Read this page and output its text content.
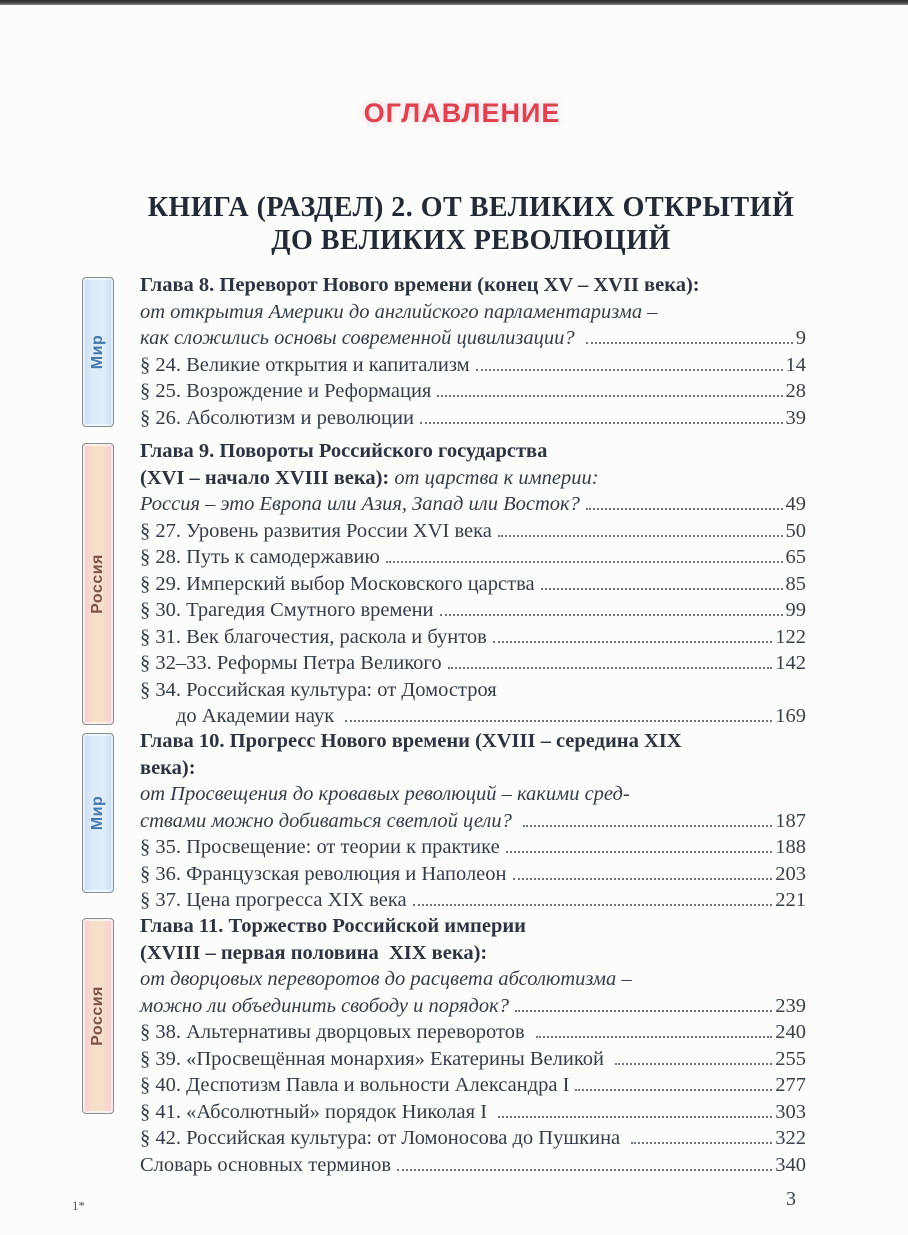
ОГЛАВЛЕНИЕ
КНИГА (РАЗДЕЛ) 2. ОТ ВЕЛИКИХ ОТКРЫТИЙ
ДО ВЕЛИКИХ РЕВОЛЮЦИЙ
Мир
Глава 8. Переворот Нового времени (конец XV – XVII века):
от открытия Америки до английского парламентаризма –
как сложились основы современной цивилизации?	9
§ 24. Великие открытия и капитализм	14
§ 25. Возрождение и Реформация	28
§ 26. Абсолютизм и революции	39
Россия
Глава 9. Повороты Российского государства
(XVI – начало XVIII века): от царства к империи:
Россия – это Европа или Азия, Запад или Восток?	49
§ 27. Уровень развития России XVI века	50
§ 28. Путь к самодержавию	65
§ 29. Имперский выбор Московского царства	85
§ 30. Трагедия Смутного времени	99
§ 31. Век благочестия, раскола и бунтов	122
§ 32–33. Реформы Петра Великого	142
§ 34. Российская культура: от Домостроя
до Академии наук	169
Мир
Глава 10. Прогресс Нового времени (XVIII – середина XIX
века):
от Просвещения до кровавых революций – какими сред-
ствами можно добиваться светлой цели?	187
§ 35. Просвещение: от теории к практике	188
§ 36. Французская революция и Наполеон	203
§ 37. Цена прогресса XIX века	221
Россия
Глава 11. Торжество Российской империи
(XVIII – первая половина  XIX века):
от дворцовых переворотов до расцвета абсолютизма –
можно ли объединить свободу и порядок?	239
§ 38. Альтернативы дворцовых переворотов	240
§ 39. «Просвещённая монархия» Екатерины Великой	255
§ 40. Деспотизм Павла и вольности Александра I	277
§ 41. «Абсолютный» порядок Николая I	303
§ 42. Российская культура: от Ломоносова до Пушкина	322
Словарь основных терминов	340
1*	3
